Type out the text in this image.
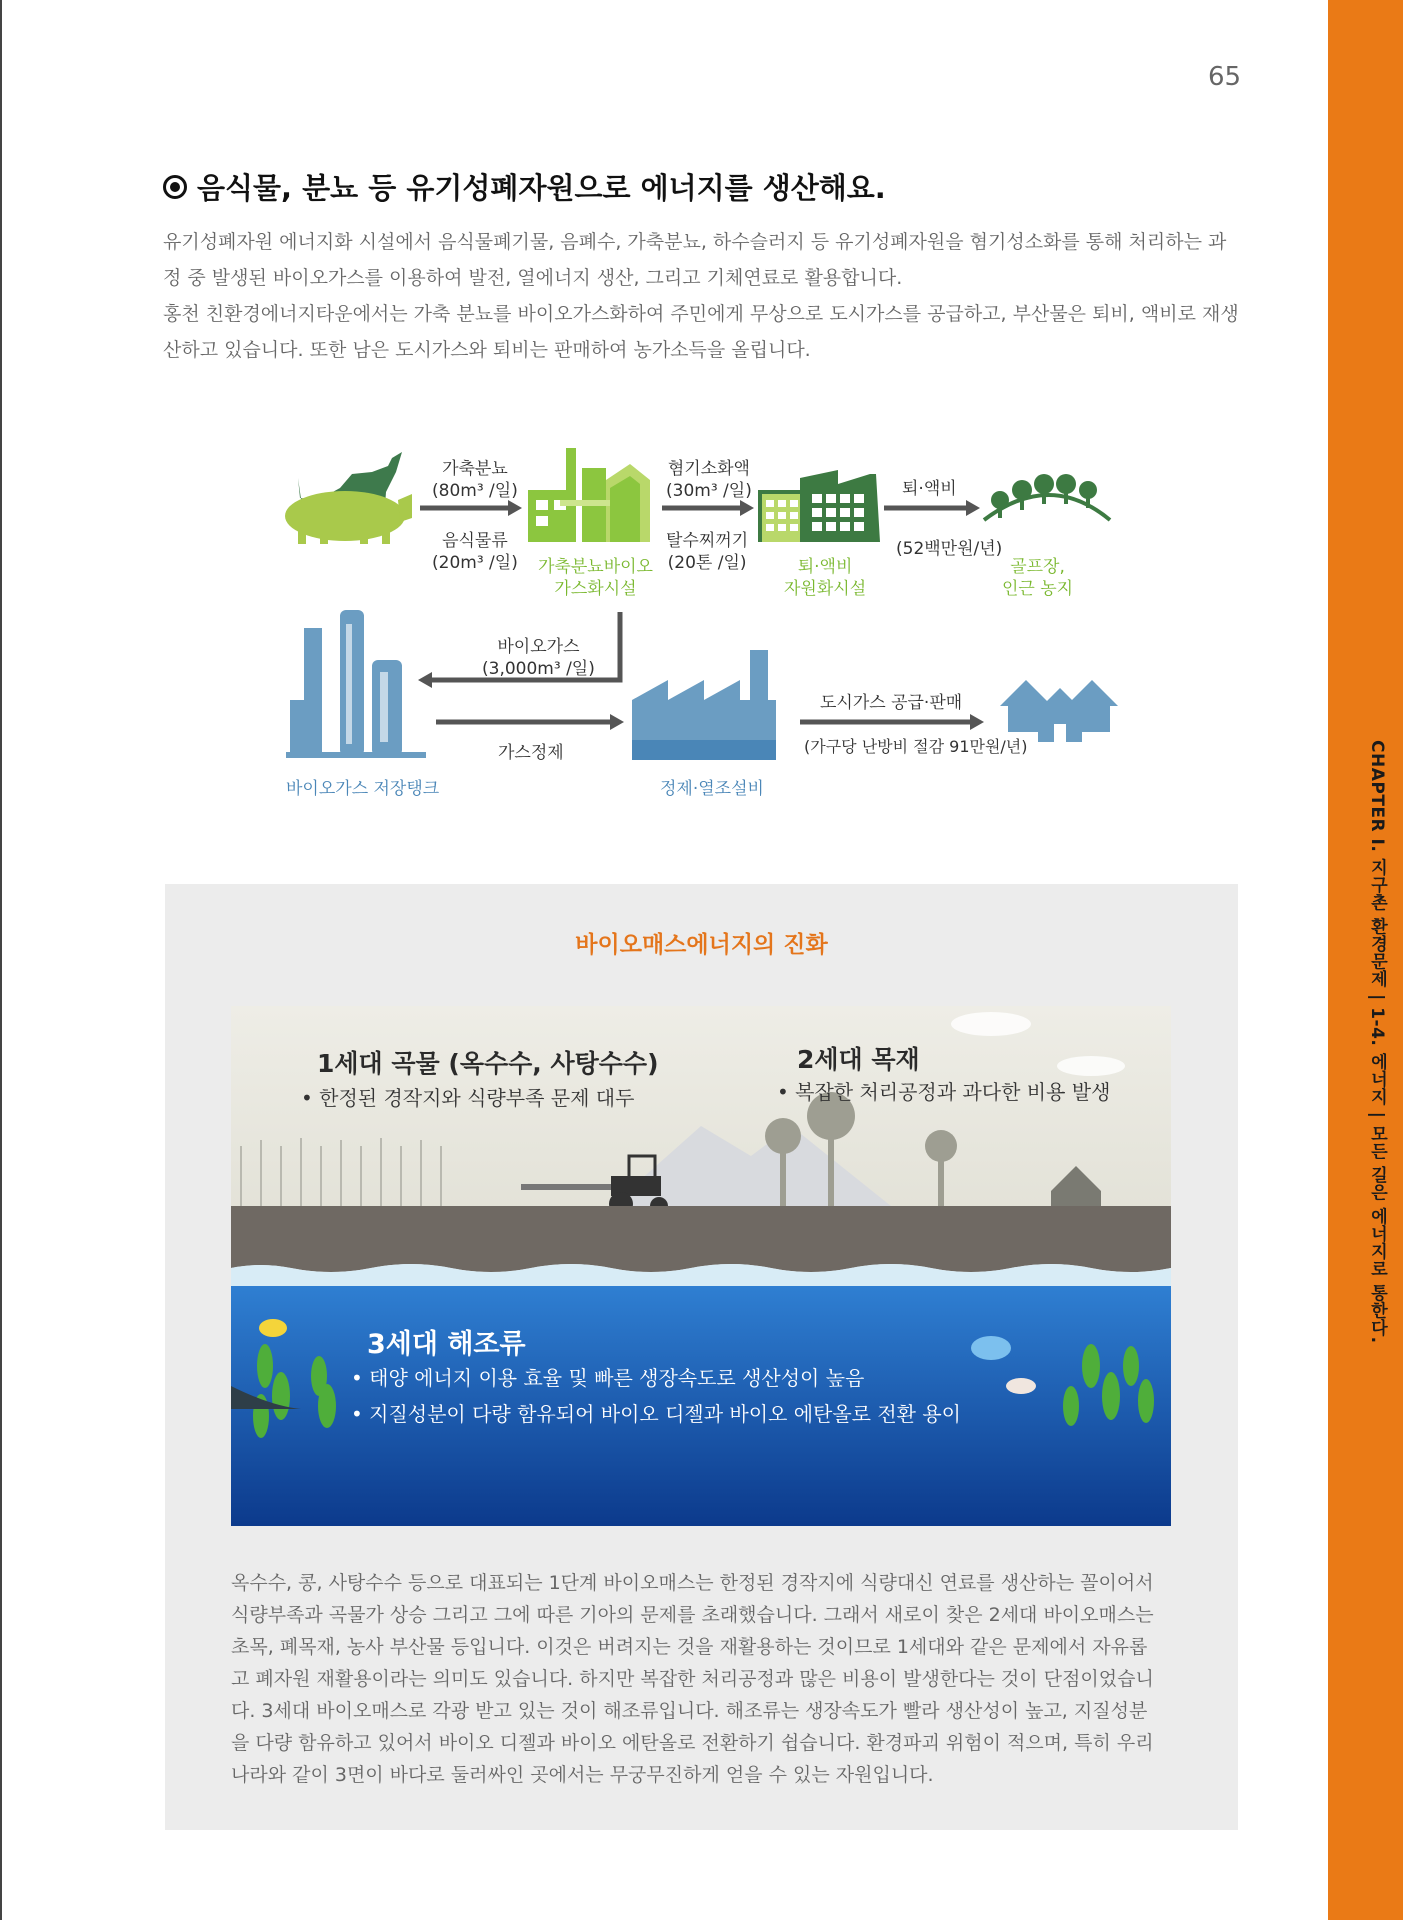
CHAPTER I. 지구촌 환경문제 | 1-4. 에너지 | 모든 길은 에너지로 통한다.
65
음식물, 분뇨 등 유기성폐자원으로 에너지를 생산해요.

유기성폐자원 에너지화 시설에서 음식물폐기물, 음폐수, 가축분뇨, 하수슬러지 등 유기성폐자원을 혐기성소화를 통해 처리하는 과정 중 발생된 바이오가스를 이용하여 발전, 열에너지 생산, 그리고 기체연료로 활용합니다.

홍천 친환경에너지타운에서는 가축 분뇨를 바이오가스화하여 주민에게 무상으로 도시가스를 공급하고, 부산물은 퇴비, 액비로 재생산하고 있습니다. 또한 남은 도시가스와 퇴비는 판매하여 농가소득을 올립니다.

가축분뇨
(80m³ /일)
음식물류
(20m³ /일) 가축분뇨바이오
가스화시설
혐기소화액
(30m³ /일)
탈수찌꺼기
(20톤 /일)	퇴·액비
자원화시설
퇴·액비
(52백만원/년)
골프장,
인근 농지
바이오가스
(3,000m³ /일)
가스정제
바이오가스 저장탱크	정제·열조설비
도시가스 공급·판매
(가구당 난방비 절감 91만원/년)
바이오매스에너지의 진화
1세대 곡물 (옥수수, 사탕수수)
• 한정된 경작지와 식량부족 문제 대두
2세대 목재
• 복잡한 처리공정과 과다한 비용 발생
3세대 해조류
• 태양 에너지 이용 효율 및 빠른 생장속도로 생산성이 높음
• 지질성분이 다량 함유되어 바이오 디젤과 바이오 에탄올로 전환 용이
옥수수, 콩, 사탕수수 등으로 대표되는 1단계 바이오매스는 한정된 경작지에 식량대신 연료를 생산하는 꼴이어서
식량부족과 곡물가 상승 그리고 그에 따른 기아의 문제를 초래했습니다. 그래서 새로이 찾은 2세대 바이오매스는
초목, 폐목재, 농사 부산물 등입니다. 이것은 버려지는 것을 재활용하는 것이므로 1세대와 같은 문제에서 자유롭
고 폐자원 재활용이라는 의미도 있습니다. 하지만 복잡한 처리공정과 많은 비용이 발생한다는 것이 단점이었습니
다. 3세대 바이오매스로 각광 받고 있는 것이 해조류입니다. 해조류는 생장속도가 빨라 생산성이 높고, 지질성분
을 다량 함유하고 있어서 바이오 디젤과 바이오 에탄올로 전환하기 쉽습니다. 환경파괴 위험이 적으며, 특히 우리
나라와 같이 3면이 바다로 둘러싸인 곳에서는 무궁무진하게 얻을 수 있는 자원입니다.
